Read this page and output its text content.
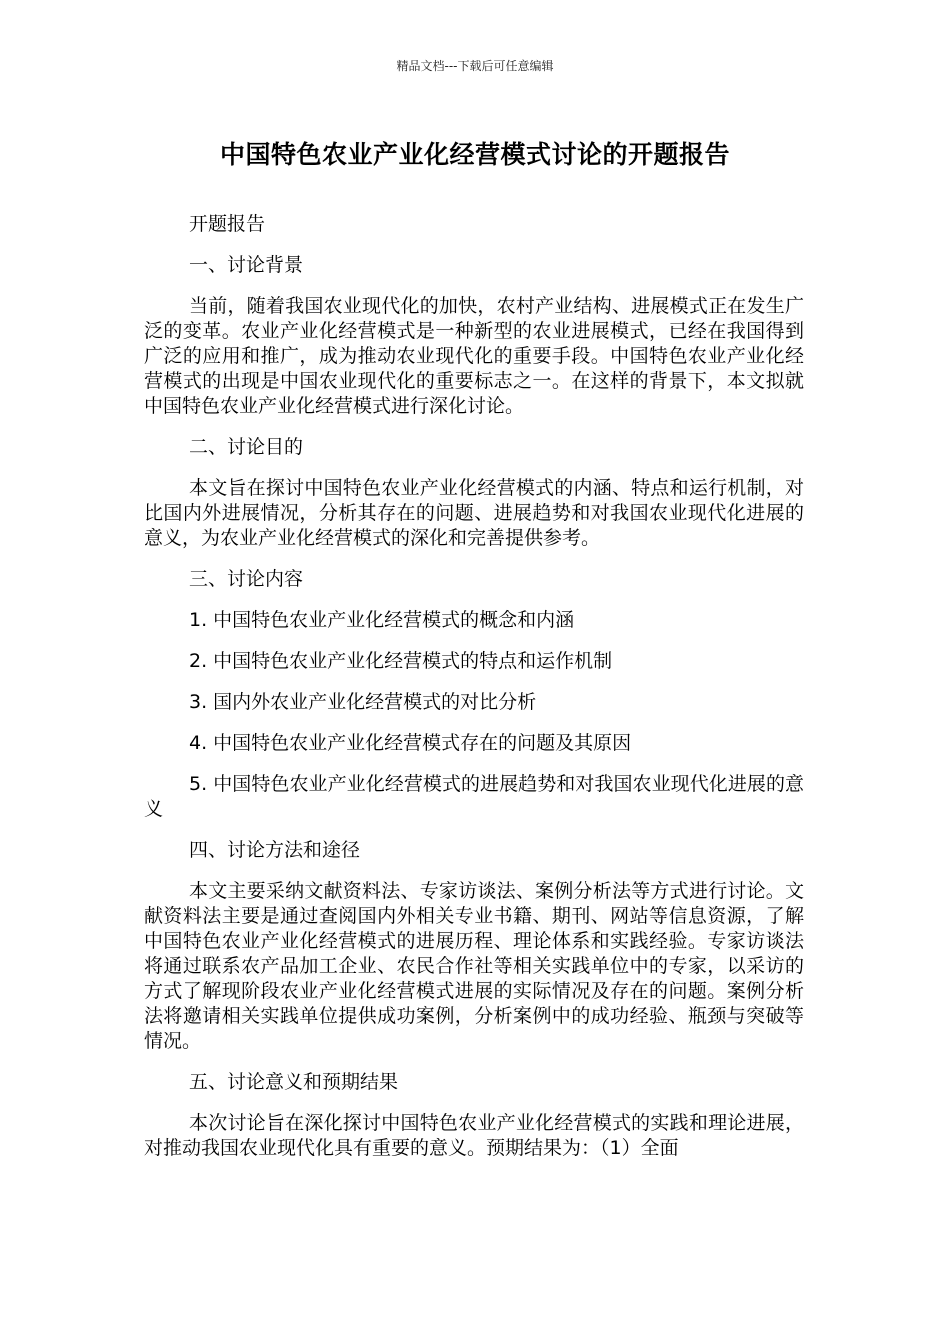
精品文档---下载后可任意编辑
中国特色农业产业化经营模式讨论的开题报告

开题报告

一、讨论背景

当前，随着我国农业现代化的加快，农村产业结构、进展模式正在发生广泛的变革。农业产业化经营模式是一种新型的农业进展模式，已经在我国得到广泛的应用和推广，成为推动农业现代化的重要手段。中国特色农业产业化经营模式的出现是中国农业现代化的重要标志之一。在这样的背景下，本文拟就中国特色农业产业化经营模式进行深化讨论。

二、讨论目的

本文旨在探讨中国特色农业产业化经营模式的内涵、特点和运行机制，对比国内外进展情况，分析其存在的问题、进展趋势和对我国农业现代化进展的意义，为农业产业化经营模式的深化和完善提供参考。

三、讨论内容

1. 中国特色农业产业化经营模式的概念和内涵

2. 中国特色农业产业化经营模式的特点和运作机制

3. 国内外农业产业化经营模式的对比分析

4. 中国特色农业产业化经营模式存在的问题及其原因

5. 中国特色农业产业化经营模式的进展趋势和对我国农业现代化进展的意义

四、讨论方法和途径

本文主要采纳文献资料法、专家访谈法、案例分析法等方式进行讨论。文献资料法主要是通过查阅国内外相关专业书籍、期刊、网站等信息资源，了解中国特色农业产业化经营模式的进展历程、理论体系和实践经验。专家访谈法将通过联系农产品加工企业、农民合作社等相关实践单位中的专家，以采访的方式了解现阶段农业产业化经营模式进展的实际情况及存在的问题。案例分析法将邀请相关实践单位提供成功案例，分析案例中的成功经验、瓶颈与突破等情况。

五、讨论意义和预期结果

本次讨论旨在深化探讨中国特色农业产业化经营模式的实践和理论进展，对推动我国农业现代化具有重要的意义。预期结果为：（1）全面
